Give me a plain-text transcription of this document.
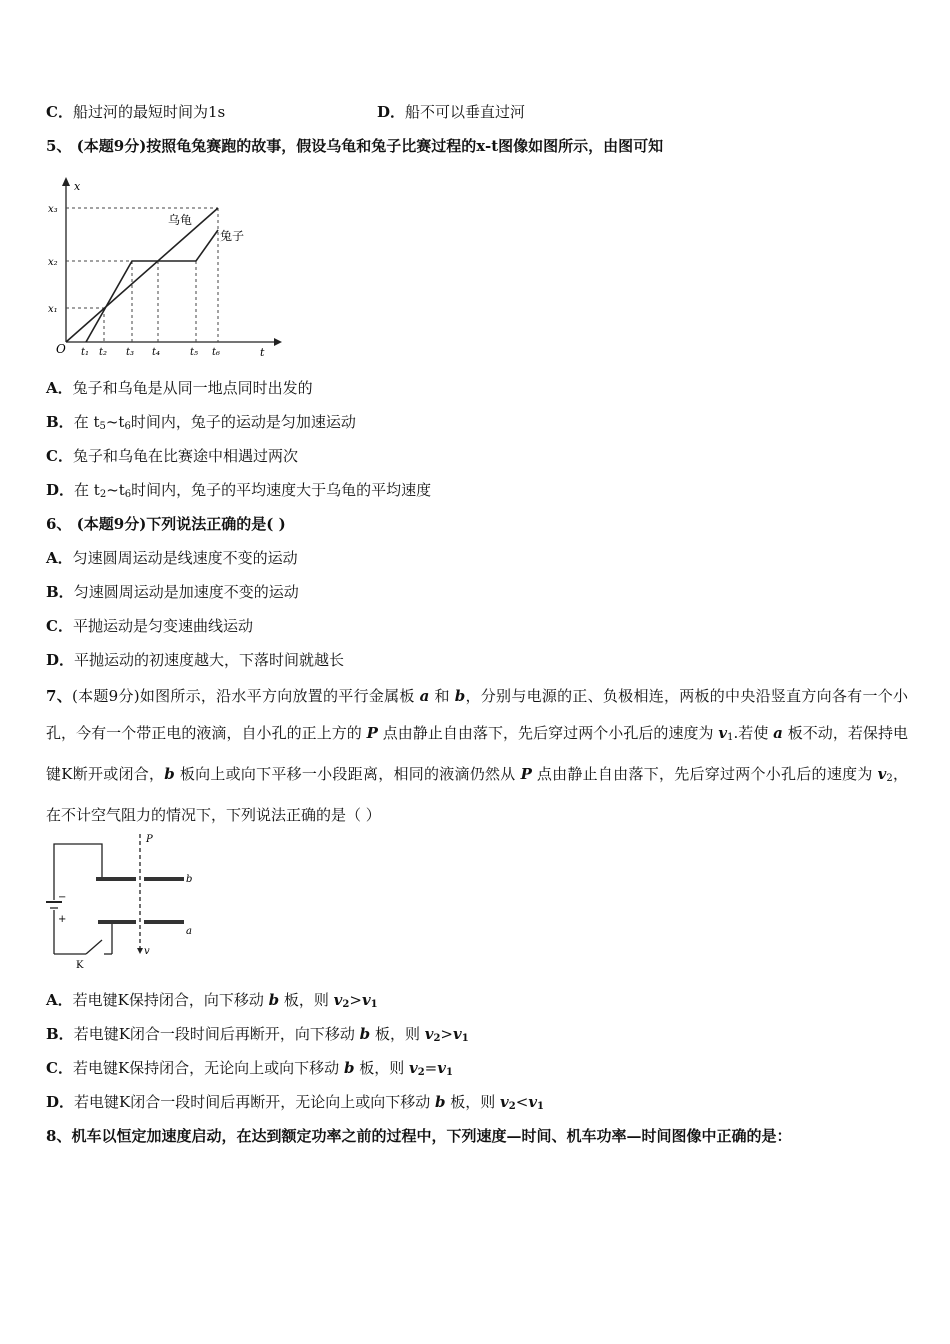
C．船过河的最短时间为1s	D．船不可以垂直过河
5、 (本题9分)按照龟兔赛跑的故事，假设乌龟和兔子比赛过程的x-t图像如图所示，由图可知
x
t
O
x₃
x₂
x₁
t₁ t₂ t₃ t₄	t₅ t₆
乌龟
兔子
A．兔子和乌龟是从同一地点同时出发的
B．在 $t_5\sim t_6$时间内，兔子的运动是匀加速运动
C．兔子和乌龟在比赛途中相遇过两次
D．在 $t_2\sim t_6$时间内，兔子的平均速度大于乌龟的平均速度
6、 (本题9分)下列说法正确的是( )
A．匀速圆周运动是线速度不变的运动
B．匀速圆周运动是加速度不变的运动
C．平抛运动是匀变速曲线运动
D．平抛运动的初速度越大，下落时间就越长
7、(本题9分)如图所示，沿水平方向放置的平行金属板 a 和 b，分别与电源的正、负极相连，两板的中央沿竖直方向各有一个小孔，今有一个带正电的液滴，自小孔的正上方的 P 点由静止自由落下，先后穿过两个小孔后的速度为 $v_1$.若使 a 板不动，若保持电键K断开或闭合，b 板向上或向下平移一小段距离，相同的液滴仍然从 P 点由静止自由落下，先后穿过两个小孔后的速度为 $v_2$，在不计空气阻力的情况下，下列说法正确的是（ ）
P
b
a
v
K
−
+
A．若电键K保持闭合，向下移动 b 板，则 $v_2>v_1$
B．若电键K闭合一段时间后再断开，向下移动 b 板，则 $v_2>v_1$
C．若电键K保持闭合，无论向上或向下移动 b 板，则 $v_2=v_1$
D．若电键K闭合一段时间后再断开，无论向上或向下移动 b 板，则 $v_2<v_1$
8、机车以恒定加速度启动，在达到额定功率之前的过程中，下列速度—时间、机车功率—时间图像中正确的是：
